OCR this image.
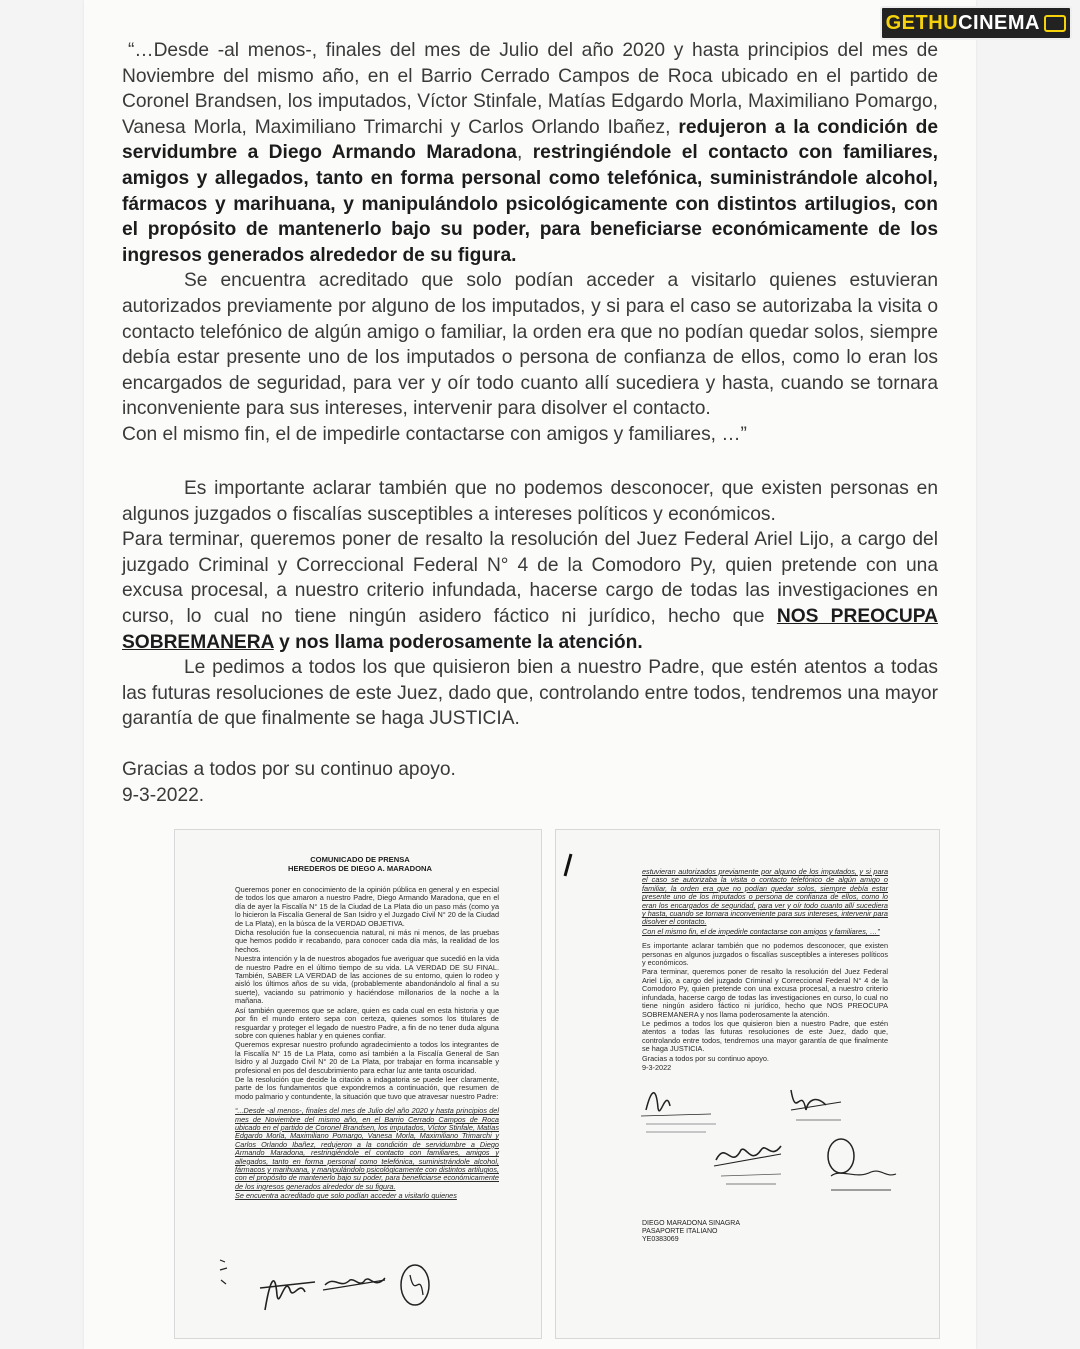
GETHU CINEMA

“…Desde -al menos-, finales del mes de Julio del año 2020 y hasta principios del mes de Noviembre del mismo año, en el Barrio Cerrado Campos de Roca ubicado en el partido de Coronel Brandsen, los imputados, Víctor Stinfale, Matías Edgardo Morla, Maximiliano Pomargo, Vanesa Morla, Maximiliano Trimarchi y Carlos Orlando Ibañez, redujeron a la condición de servidumbre a Diego Armando Maradona, restringiéndole el contacto con familiares, amigos y allegados, tanto en forma personal como telefónica, suministrándole alcohol, fármacos y marihuana, y manipulándolo psicológicamente con distintos artilugios, con el propósito de mantenerlo bajo su poder, para beneficiarse económicamente de los ingresos generados alrededor de su figura.

Se encuentra acreditado que solo podían acceder a visitarlo quienes estuvieran autorizados previamente por alguno de los imputados, y si para el caso se autorizaba la visita o contacto telefónico de algún amigo o familiar, la orden era que no podían quedar solos, siempre debía estar presente uno de los imputados o persona de confianza de ellos, como lo eran los encargados de seguridad, para ver y oír todo cuanto allí sucediera y hasta, cuando se tornara inconveniente para sus intereses, intervenir para disolver el contacto.

Con el mismo fin, el de impedirle contactarse con amigos y familiares, …”

Es importante aclarar también que no podemos desconocer, que existen personas en algunos juzgados o fiscalías susceptibles a intereses políticos y económicos.

Para terminar, queremos poner de resalto la resolución del Juez Federal Ariel Lijo, a cargo del juzgado Criminal y Correccional Federal N° 4 de la Comodoro Py, quien pretende con una excusa procesal, a nuestro criterio infundada, hacerse cargo de todas las investigaciones en curso, lo cual no tiene ningún asidero fáctico ni jurídico, hecho que NOS PREOCUPA SOBREMANERA y nos llama poderosamente la atención.

Le pedimos a todos los que quisieron bien a nuestro Padre, que estén atentos a todas las futuras resoluciones de este Juez, dado que, controlando entre todos, tendremos una mayor garantía de que finalmente se haga JUSTICIA.

Gracias a todos por su continuo apoyo.

9-3-2022.

COMUNICADO DE PRENSA
HEREDEROS DE DIEGO A. MARADONA

Queremos poner en conocimiento de la opinión pública en general y en especial de todos los que amaron a nuestro Padre, Diego Armando Maradona, que en el día de ayer la Fiscalía N° 15 de la Ciudad de La Plata dio un paso más (como ya lo hicieron la Fiscalía General de San Isidro y el Juzgado Civil N° 20 de la Ciudad de La Plata), en la búsca de la VERDAD OBJETIVA.

Dicha resolución fue la consecuencia natural, ni más ni menos, de las pruebas que hemos podido ir recabando, para conocer cada día más, la realidad de los hechos.

Nuestra intención y la de nuestros abogados fue averiguar que sucedió en la vida de nuestro Padre en el último tiempo de su vida. LA VERDAD DE SU FINAL. También, SABER LA VERDAD de las acciones de su entorno, quien lo rodeo y aisló los últimos años de su vida, (probablemente abandonándolo al final a su suerte), vaciando su patrimonio y haciéndose millonarios de la noche a la mañana.

Así también queremos que se aclare, quien es cada cual en esta historia y que por fin el mundo entero sepa con certeza, quienes somos los titulares de resguardar y proteger el legado de nuestro Padre, a fin de no tener duda alguna sobre con quienes hablar y en quienes confiar.

Queremos expresar nuestro profundo agradecimiento a todos los integrantes de la Fiscalía N° 15 de La Plata, como así también a la Fiscalía General de San Isidro y al Juzgado Civil N° 20 de La Plata, por trabajar en forma incansable y profesional en pos del descubrimiento para echar luz ante tanta oscuridad.

De la resolución que decide la citación a indagatoria se puede leer claramente, parte de los fundamentos que expondremos a continuación, que resumen de modo palmario y contundente, la situación que tuvo que atravesar nuestro Padre:

“...Desde -al menos-, finales del mes de Julio del año 2020 y hasta principios del mes de Noviembre del mismo año, en el Barrio Cerrado Campos de Roca ubicado en el partido de Coronel Brandsen, los imputados, Víctor Stinfale, Matías Edgardo Morla, Maximiliano Pomargo, Vanesa Morla, Maximiliano Trimarchi y Carlos Orlando Ibañez, redujeron a la condición de servidumbre a Diego Armando Maradona, restringiéndole el contacto con familiares, amigos y allegados, tanto en forma personal como telefónica, suministrándole alcohol, fármacos y marihuana, y manipulándolo psicológicamente con distintos artilugios, con el propósito de mantenerlo bajo su poder, para beneficiarse económicamente de los ingresos generados alrededor de su figura.

Se encuentra acreditado que solo podían acceder a visitarlo quienes

estuvieran autorizados previamente por alguno de los imputados, y si para el caso se autorizaba la visita o contacto telefónico de algún amigo o familiar, la orden era que no podían quedar solos, siempre debía estar presente uno de los imputados o persona de confianza de ellos, como lo eran los encargados de seguridad, para ver y oír todo cuanto allí sucediera y hasta, cuando se tornara inconveniente para sus intereses, intervenir para disolver el contacto.

Con el mismo fin, el de impedirle contactarse con amigos y familiares, …”

Es importante aclarar también que no podemos desconocer, que existen personas en algunos juzgados o fiscalías susceptibles a intereses políticos y económicos.

Para terminar, queremos poner de resalto la resolución del Juez Federal Ariel Lijo, a cargo del juzgado Criminal y Correccional Federal N° 4 de la Comodoro Py, quien pretende con una excusa procesal, a nuestro criterio infundada, hacerse cargo de todas las investigaciones en curso, lo cual no tiene ningún asidero fáctico ni jurídico, hecho que NOS PREOCUPA SOBREMANERA y nos llama poderosamente la atención.

Le pedimos a todos los que quisieron bien a nuestro Padre, que estén atentos a todas las futuras resoluciones de este Juez, dado que, controlando entre todos, tendremos una mayor garantía de que finalmente se haga JUSTICIA.

Gracias a todos por su continuo apoyo.

9-3-2022

DIEGO MARADONA SINAGRA
PASAPORTE ITALIANO
YE0383069
